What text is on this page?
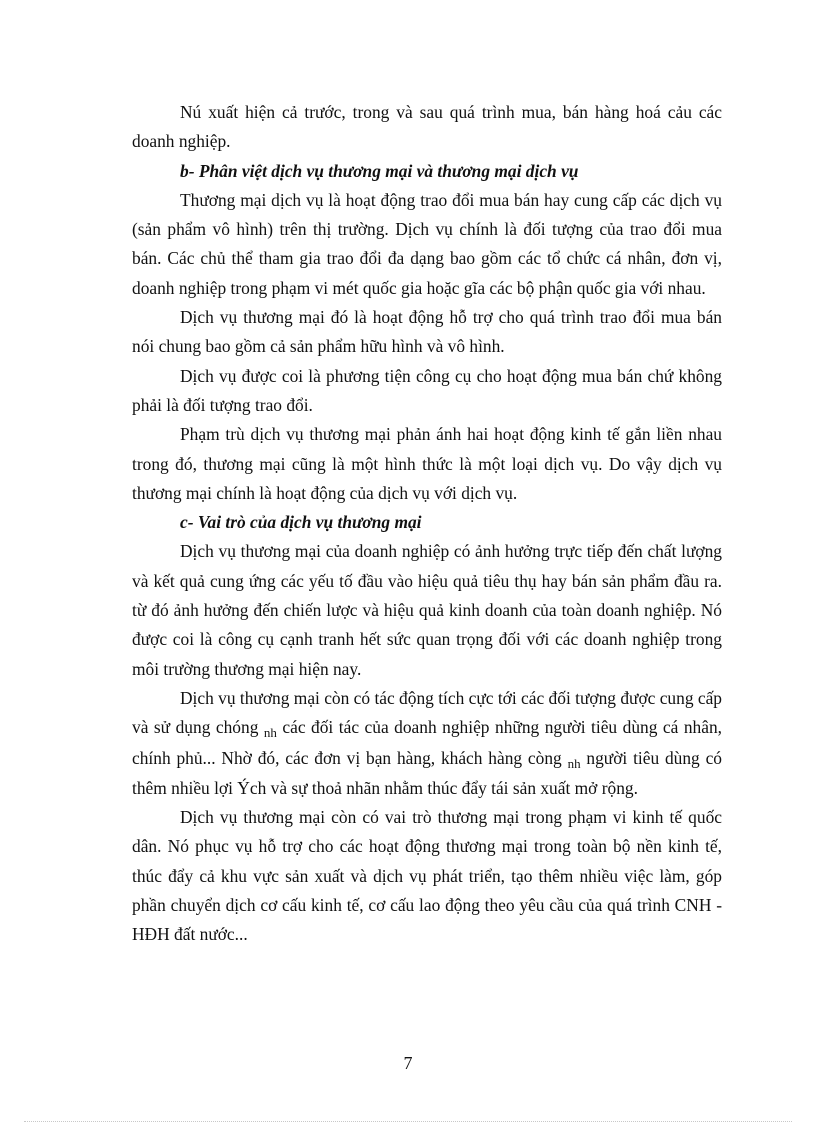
Nú xuất hiện cả trước, trong và sau quá trình mua, bán hàng hoá cảu các doanh nghiệp.

b- Phân việt dịch vụ thương mại và thương mại dịch vụ

Thương mại dịch vụ là hoạt động trao đổi mua bán hay cung cấp các dịch vụ (sản phẩm vô hình) trên thị trường. Dịch vụ chính là đối tượng của trao đổi mua bán. Các chủ thể tham gia trao đổi đa dạng bao gồm các tổ chức cá nhân, đơn vị, doanh nghiệp trong phạm vi mét quốc gia hoặc gĩa các bộ phận quốc gia với nhau.

Dịch vụ thương mại đó là hoạt động hỗ trợ cho quá trình trao đổi mua bán nói chung bao gồm cả sản phẩm hữu hình và vô hình.

Dịch vụ được coi là phương tiện công cụ cho hoạt động mua bán chứ không phải là đối tượng trao đổi.

Phạm trù dịch vụ thương mại phản ánh hai hoạt động kinh tế gắn liền nhau trong đó, thương mại cũng là một hình thức là một loại dịch vụ. Do vậy dịch vụ thương mại chính là hoạt động của dịch vụ với dịch vụ.

c- Vai trò của dịch vụ thương mại

Dịch vụ thương mại của doanh nghiệp có ảnh hưởng trực tiếp đến chất lượng và kết quả cung ứng các yếu tố đầu vào hiệu quả tiêu thụ hay bán sản phẩm đầu ra. từ đó ảnh hưởng đến chiến lược và hiệu quả kinh doanh của toàn doanh nghiệp. Nó được coi là công cụ cạnh tranh hết sức quan trọng đối với các doanh nghiệp trong môi trường thương mại hiện nay.

Dịch vụ thương mại còn có tác động tích cực tới các đối tượng được cung cấp và sử dụng chóng $_{nh}$ các đối tác của doanh nghiệp những người tiêu dùng cá nhân, chính phủ... Nhờ đó, các đơn vị bạn hàng, khách hàng còng $_{nh}$ người tiêu dùng có thêm nhiều lợi Ých và sự thoả nhãn nhằm thúc đẩy tái sản xuất mở rộng.

Dịch vụ thương mại còn có vai trò thương mại trong phạm vi kinh tế quốc dân. Nó phục vụ hỗ trợ cho các hoạt động thương mại trong toàn bộ nền kinh tế, thúc đẩy cả khu vực sản xuất và dịch vụ phát triển, tạo thêm nhiều việc làm, góp phần chuyển dịch cơ cấu kinh tế, cơ cấu lao động theo yêu cầu của quá trình CNH - HĐH đất nước...

7
